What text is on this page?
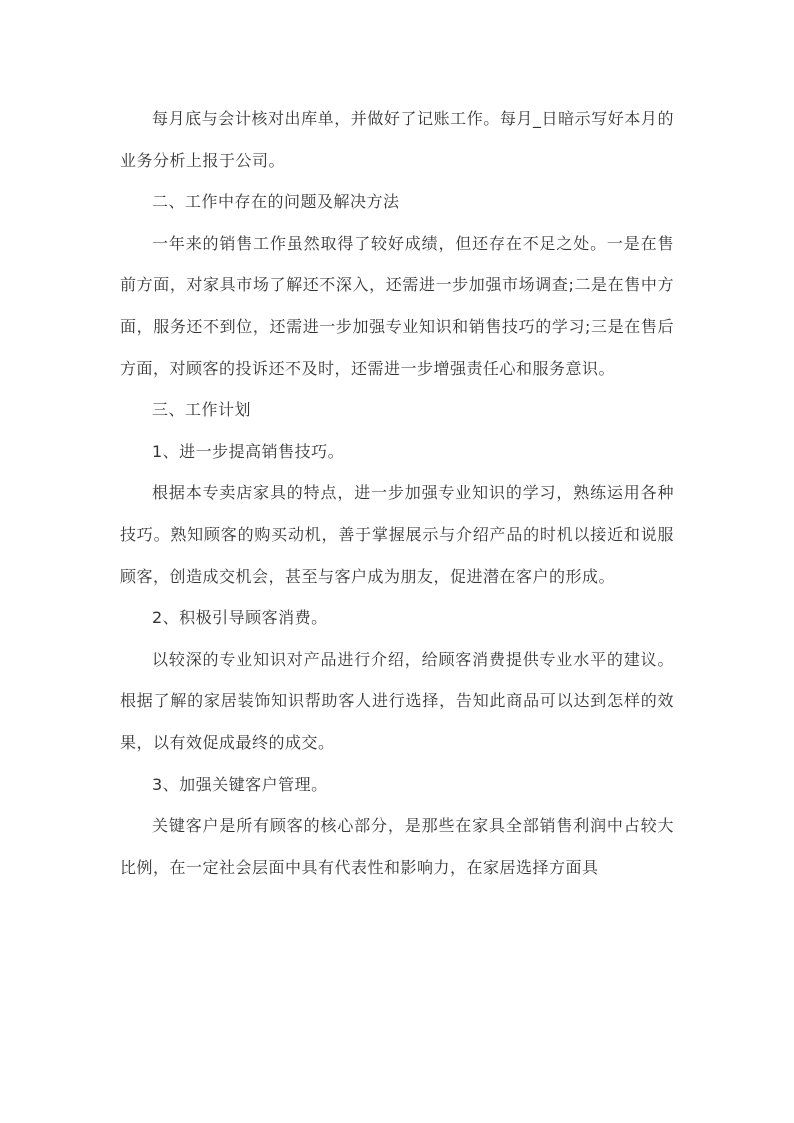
每月底与会计核对出库单，并做好了记账工作。每月_日暗示写好本月的业务分析上报于公司。

二、工作中存在的问题及解决方法

一年来的销售工作虽然取得了较好成绩，但还存在不足之处。一是在售前方面，对家具市场了解还不深入，还需进一步加强市场调查;二是在售中方面，服务还不到位，还需进一步加强专业知识和销售技巧的学习;三是在售后方面，对顾客的投诉还不及时，还需进一步增强责任心和服务意识。

三、工作计划

1、进一步提高销售技巧。

根据本专卖店家具的特点，进一步加强专业知识的学习，熟练运用各种技巧。熟知顾客的购买动机，善于掌握展示与介绍产品的时机以接近和说服顾客，创造成交机会，甚至与客户成为朋友，促进潜在客户的形成。

2、积极引导顾客消费。

以较深的专业知识对产品进行介绍，给顾客消费提供专业水平的建议。根据了解的家居装饰知识帮助客人进行选择，告知此商品可以达到怎样的效果，以有效促成最终的成交。

3、加强关键客户管理。

关键客户是所有顾客的核心部分，是那些在家具全部销售利润中占较大比例，在一定社会层面中具有代表性和影响力，在家居选择方面具
